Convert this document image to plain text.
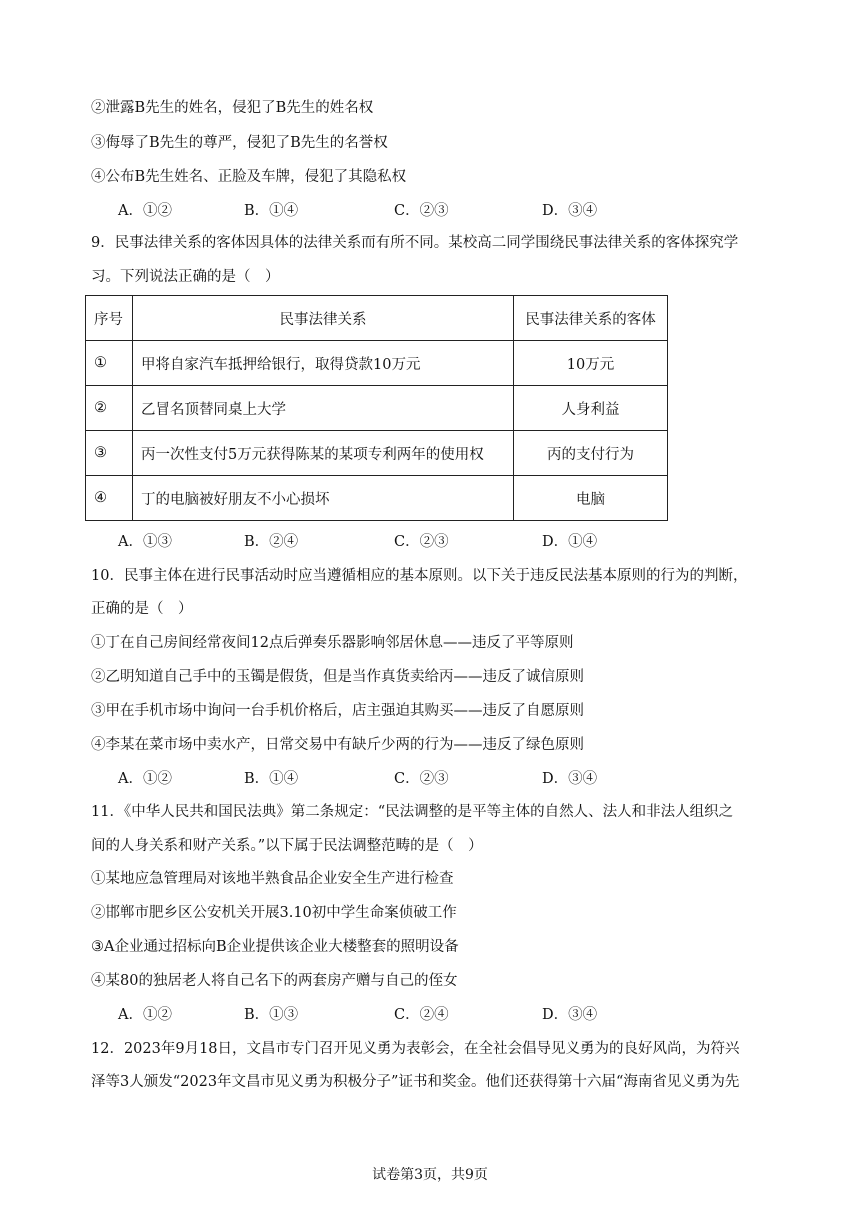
②泄露B先生的姓名，侵犯了B先生的姓名权
③侮辱了B先生的尊严，侵犯了B先生的名誉权
④公布B先生姓名、正脸及车牌，侵犯了其隐私权
A．①②	B．①④	C．②③	D．③④
9．民事法律关系的客体因具体的法律关系而有所不同。某校高二同学围绕民事法律关系的客体探究学
习。下列说法正确的是（　）
序号	民事法律关系	民事法律关系的客体
①	甲将自家汽车抵押给银行，取得贷款10万元	10万元
②	乙冒名顶替同桌上大学	人身利益
③	丙一次性支付5万元获得陈某的某项专利两年的使用权	丙的支付行为
④	丁的电脑被好朋友不小心损坏	电脑
A．①③	B．②④	C．②③	D．①④
10．民事主体在进行民事活动时应当遵循相应的基本原则。以下关于违反民法基本原则的行为的判断，
正确的是（　）
①丁在自己房间经常夜间12点后弹奏乐器影响邻居休息——违反了平等原则
②乙明知道自己手中的玉镯是假货，但是当作真货卖给丙——违反了诚信原则
③甲在手机市场中询问一台手机价格后，店主强迫其购买——违反了自愿原则
④李某在菜市场中卖水产，日常交易中有缺斤少两的行为——违反了绿色原则
A．①②	B．①④	C．②③	D．③④
11．《中华人民共和国民法典》第二条规定：“民法调整的是平等主体的自然人、法人和非法人组织之
间的人身关系和财产关系。”以下属于民法调整范畴的是（　）
①某地应急管理局对该地半熟食品企业安全生产进行检查
②邯郸市肥乡区公安机关开展3.10初中学生命案侦破工作
③A企业通过招标向B企业提供该企业大楼整套的照明设备
④某80的独居老人将自己名下的两套房产赠与自己的侄女
A．①②	B．①③	C．②④	D．③④
12．2023年9月18日，文昌市专门召开见义勇为表彰会，在全社会倡导见义勇为的良好风尚，为符兴
泽等3人颁发“2023年文昌市见义勇为积极分子”证书和奖金。他们还获得第十六届“海南省见义勇为先
试卷第3页，共9页
